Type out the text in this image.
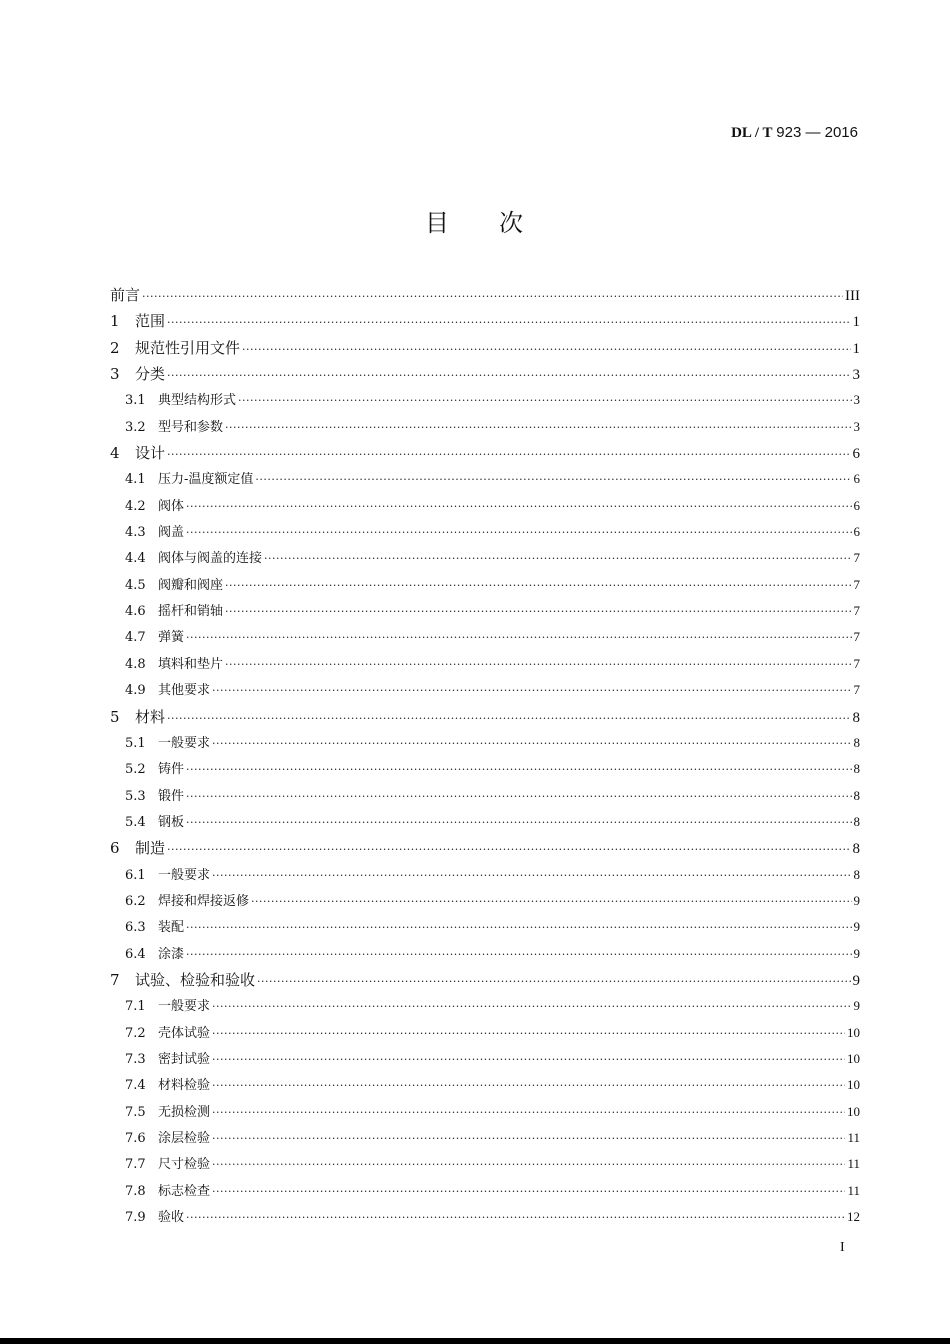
DL / T 923 — 2016
目 次
前言 ·····	III
1	范围 ·····	1
2	规范性引用文件 ·····	1
3	分类 ·····	3
3.1 典型结构形式 ·····	3
3.2 型号和参数 ·····	3
4	设计 ·····	6
4.1 压力-温度额定值 ·····	6
4.2 阀体 ·····	6
4.3 阀盖 ·····	6
4.4 阀体与阀盖的连接 ·····	7
4.5 阀瓣和阀座 ·····	7
4.6 摇杆和销轴 ·····	7
4.7 弹簧 ·····	7
4.8 填料和垫片 ·····	7
4.9 其他要求 ·····	7
5	材料 ·····	8
5.1 一般要求 ·····	8
5.2 铸件 ·····	8
5.3 锻件 ·····	8
5.4 钢板 ·····	8
6	制造 ·····	8
6.1 一般要求 ·····	8
6.2 焊接和焊接返修 ·····	9
6.3 装配 ·····	9
6.4 涂漆 ·····	9
7	试验、检验和验收 ·····	9
7.1 一般要求 ·····	9
7.2 壳体试验 ·····	10
7.3 密封试验 ·····	10
7.4 材料检验 ·····	10
7.5 无损检测 ·····	10
7.6 涂层检验 ·····	11
7.7 尺寸检验 ·····	11
7.8 标志检查 ·····	11
7.9 验收 ·····	12
I
